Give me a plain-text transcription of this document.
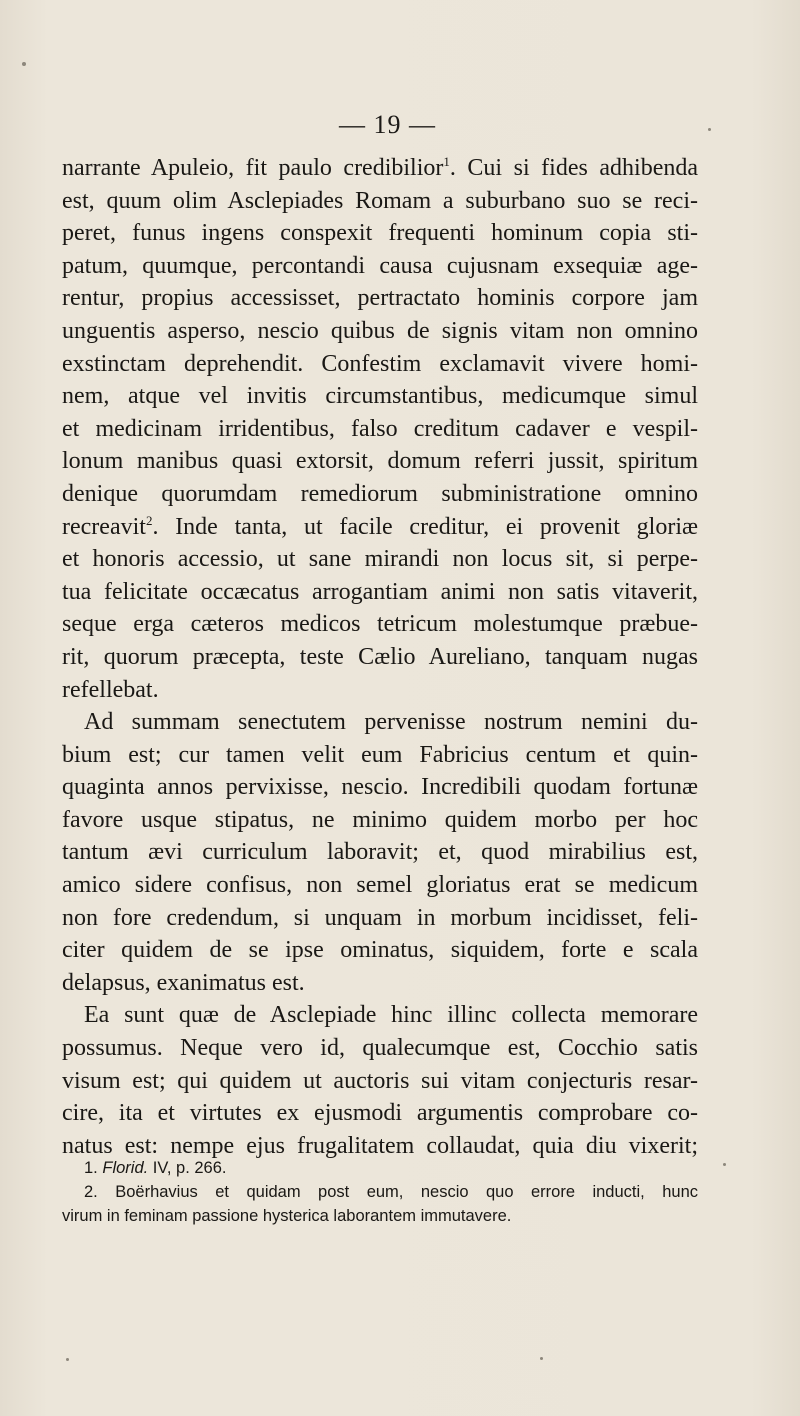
— 19 —
narrante Apuleio, fit paulo credibilior$^1$. Cui si fides adhibenda
est, quum olim Asclepiades Romam a suburbano suo se reci-
peret, funus ingens conspexit frequenti hominum copia sti-
patum, quumque, percontandi causa cujusnam exsequiæ age-
rentur, propius accessisset, pertractato hominis corpore jam
unguentis asperso, nescio quibus de signis vitam non omnino
exstinctam deprehendit. Confestim exclamavit vivere homi-
nem, atque vel invitis circumstantibus, medicumque simul
et medicinam irridentibus, falso creditum cadaver e vespil-
lonum manibus quasi extorsit, domum referri jussit, spiritum
denique quorumdam remediorum subministratione omnino
recreavit$^2$. Inde tanta, ut facile creditur, ei provenit gloriæ
et honoris accessio, ut sane mirandi non locus sit, si perpe-
tua felicitate occæcatus arrogantiam animi non satis vitaverit,
seque erga cæteros medicos tetricum molestumque præbue-
rit, quorum præcepta, teste Cælio Aureliano, tanquam nugas
refellebat.
Ad summam senectutem pervenisse nostrum nemini du-
bium est; cur tamen velit eum Fabricius centum et quin-
quaginta annos pervixisse, nescio. Incredibili quodam fortunæ
favore usque stipatus, ne minimo quidem morbo per hoc
tantum ævi curriculum laboravit; et, quod mirabilius est,
amico sidere confisus, non semel gloriatus erat se medicum
non fore credendum, si unquam in morbum incidisset, feli-
citer quidem de se ipse ominatus, siquidem, forte e scala
delapsus, exanimatus est.
Ea sunt quæ de Asclepiade hinc illinc collecta memorare
possumus. Neque vero id, qualecumque est, Cocchio satis
visum est; qui quidem ut auctoris sui vitam conjecturis resar-
cire, ita et virtutes ex ejusmodi argumentis comprobare co-
natus est: nempe ejus frugalitatem collaudat, quia diu vixerit;
1. Florid. IV, p. 266.
2. Boërhavius et quidam post eum, nescio quo errore inducti, hunc
virum in feminam passione hysterica laborantem immutavere.
